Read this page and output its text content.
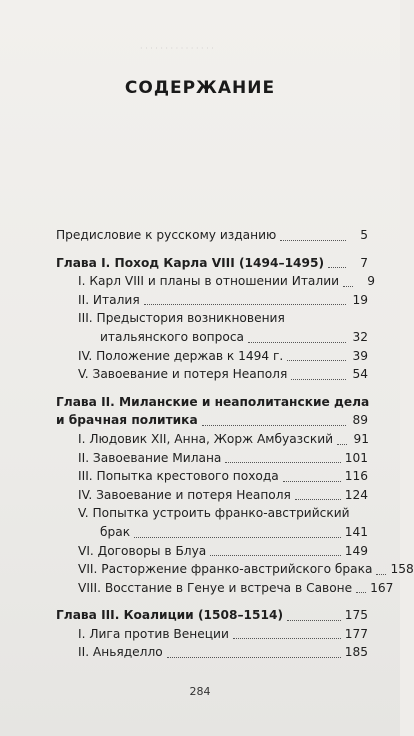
· · · · · · · · · · · · · · ·
СОДЕРЖАНИЕ
Предисловие к русскому изданию	5
Глава I. Поход Карла VIII (1494–1495)	7
I. Карл VIII и планы в отношении Италии	9
II. Италия	19
III. Предыстория возникновения
итальянского вопроса	32
IV. Положение держав к 1494 г.	39
V. Завоевание и потеря Неаполя	54
Глава II. Миланские и неаполитанские дела
и брачная политика	89
I. Людовик XII, Анна, Жорж Амбуазский 91
II. Завоевание Милана	101
III. Попытка крестового похода	116
IV. Завоевание и потеря Неаполя	124
V. Попытка устроить франко-австрийский
брак	141
VI. Договоры в Блуа	149
VII. Расторжение франко-австрийского брака 158
VIII. Восстание в Генуе и встреча в Савоне 167
Глава III. Коалиции (1508–1514)	175
I. Лига против Венеции	177
II. Аньяделло	185
284
